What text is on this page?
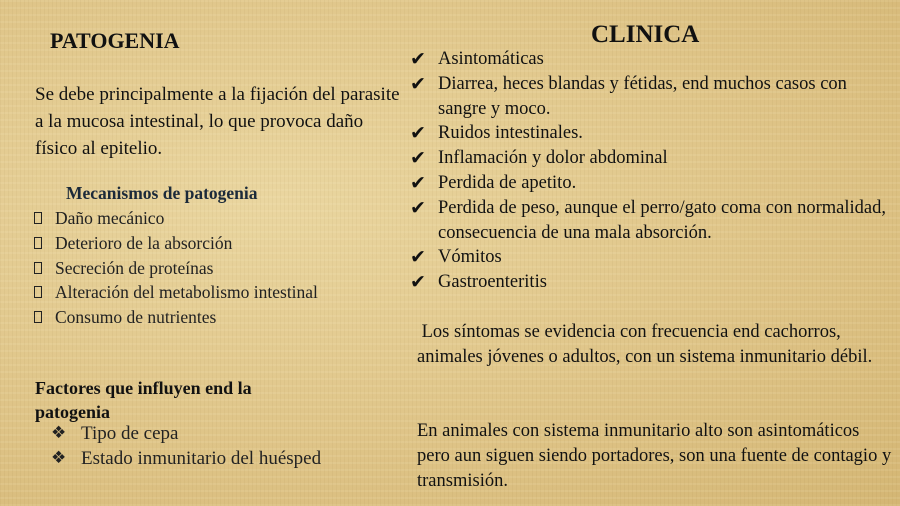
PATOGENIA
Se debe principalmente a la fijación del parasite a la mucosa intestinal, lo que provoca daño físico al epitelio.
Mecanismos de patogenia
Daño mecánico
Deterioro de la absorción
Secreción de proteínas
Alteración del metabolismo intestinal
Consumo de nutrientes
Factores que influyen end la patogenia
❖ Tipo de cepa
❖ Estado inmunitario del huésped
CLINICA
✔ Asintomáticas
✔ Diarrea, heces blandas y fétidas, end muchos casos con sangre y moco.
✔ Ruidos intestinales.
✔ Inflamación y dolor abdominal
✔ Perdida de apetito.
✔ Perdida de peso, aunque el perro/gato coma con normalidad, consecuencia de una mala absorción.
✔ Vómitos
✔ Gastroenteritis
Los síntomas se evidencia con frecuencia end cachorros, animales jóvenes o adultos, con un sistema inmunitario débil.
En animales con sistema inmunitario alto son asintomáticos pero aun siguen siendo portadores, son una fuente de contagio y transmisión.
